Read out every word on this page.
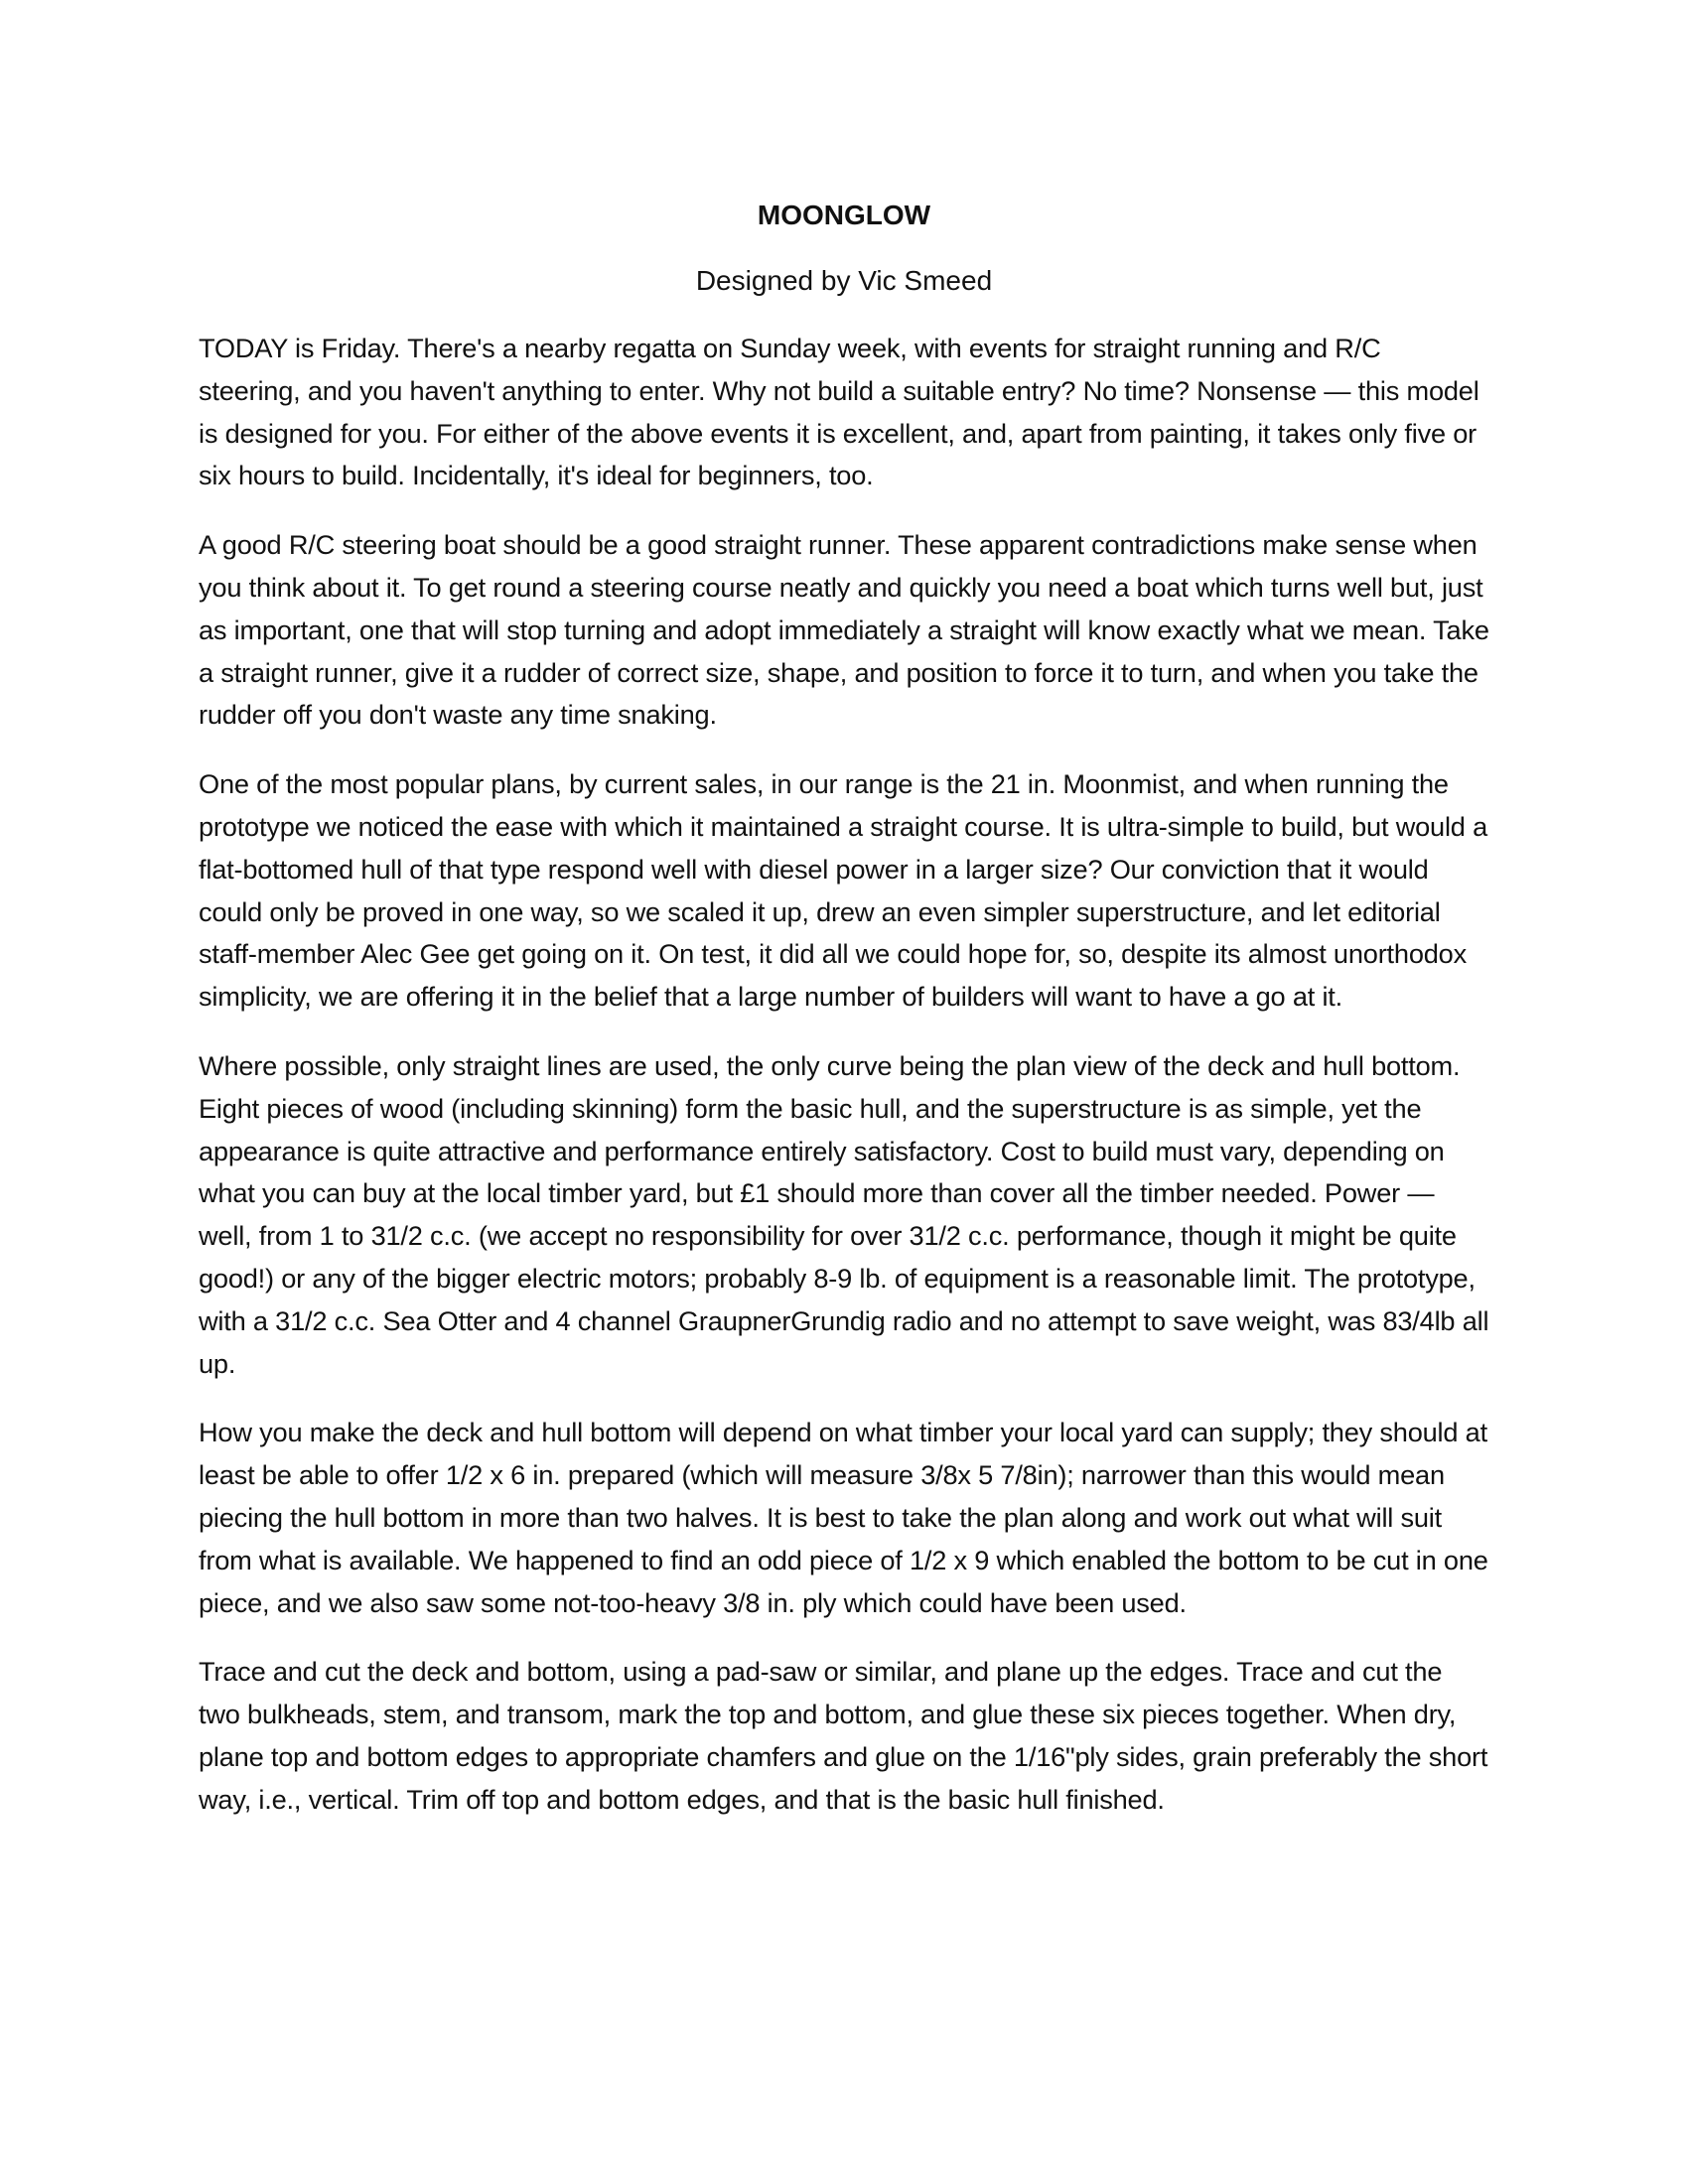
MOONGLOW
Designed by Vic Smeed

TODAY is Friday. There's a nearby regatta on Sunday week, with events for straight running and R/C steering, and you haven't anything to enter. Why not build a suitable entry? No time? Nonsense — this model is designed for you. For either of the above events it is excellent, and, apart from painting, it takes only five or six hours to build. Incidentally, it's ideal for beginners, too.

A good R/C steering boat should be a good straight runner. These apparent contradictions make sense when you think about it. To get round a steering course neatly and quickly you need a boat which turns well but, just as important, one that will stop turning and adopt immediately a straight will know exactly what we mean. Take a straight runner, give it a rudder of correct size, shape, and position to force it to turn, and when you take the rudder off you don't waste any time snaking.

One of the most popular plans, by current sales, in our range is the 21 in. Moonmist, and when running the prototype we noticed the ease with which it maintained a straight course. It is ultra-simple to build, but would a flat-bottomed hull of that type respond well with diesel power in a larger size? Our conviction that it would could only be proved in one way, so we scaled it up, drew an even simpler superstructure, and let editorial staff-member Alec Gee get going on it. On test, it did all we could hope for, so, despite its almost unorthodox simplicity, we are offering it in the belief that a large number of builders will want to have a go at it.

Where possible, only straight lines are used, the only curve being the plan view of the deck and hull bottom. Eight pieces of wood (including skinning) form the basic hull, and the superstructure is as simple, yet the appearance is quite attractive and performance entirely satisfactory. Cost to build must vary, depending on what you can buy at the local timber yard, but £1 should more than cover all the timber needed. Power — well, from 1 to 31/2 c.c. (we accept no responsibility for over 31/2 c.c. performance, though it might be quite good!) or any of the bigger electric motors; probably 8-9 lb. of equipment is a reasonable limit. The prototype, with a 31/2 c.c. Sea Otter and 4 channel GraupnerGrundig radio and no attempt to save weight, was 83/4lb all up.

How you make the deck and hull bottom will depend on what timber your local yard can supply; they should at least be able to offer 1/2 x 6 in. prepared (which will measure 3/8x 5 7/8in); narrower than this would mean piecing the hull bottom in more than two halves. It is best to take the plan along and work out what will suit from what is available. We happened to find an odd piece of 1/2 x 9 which enabled the bottom to be cut in one piece, and we also saw some not-too-heavy 3/8 in. ply which could have been used.

Trace and cut the deck and bottom, using a pad-saw or similar, and plane up the edges. Trace and cut the two bulkheads, stem, and transom, mark the top and bottom, and glue these six pieces together. When dry, plane top and bottom edges to appropriate chamfers and glue on the 1/16"ply sides, grain preferably the short way, i.e., vertical. Trim off top and bottom edges, and that is the basic hull finished.
